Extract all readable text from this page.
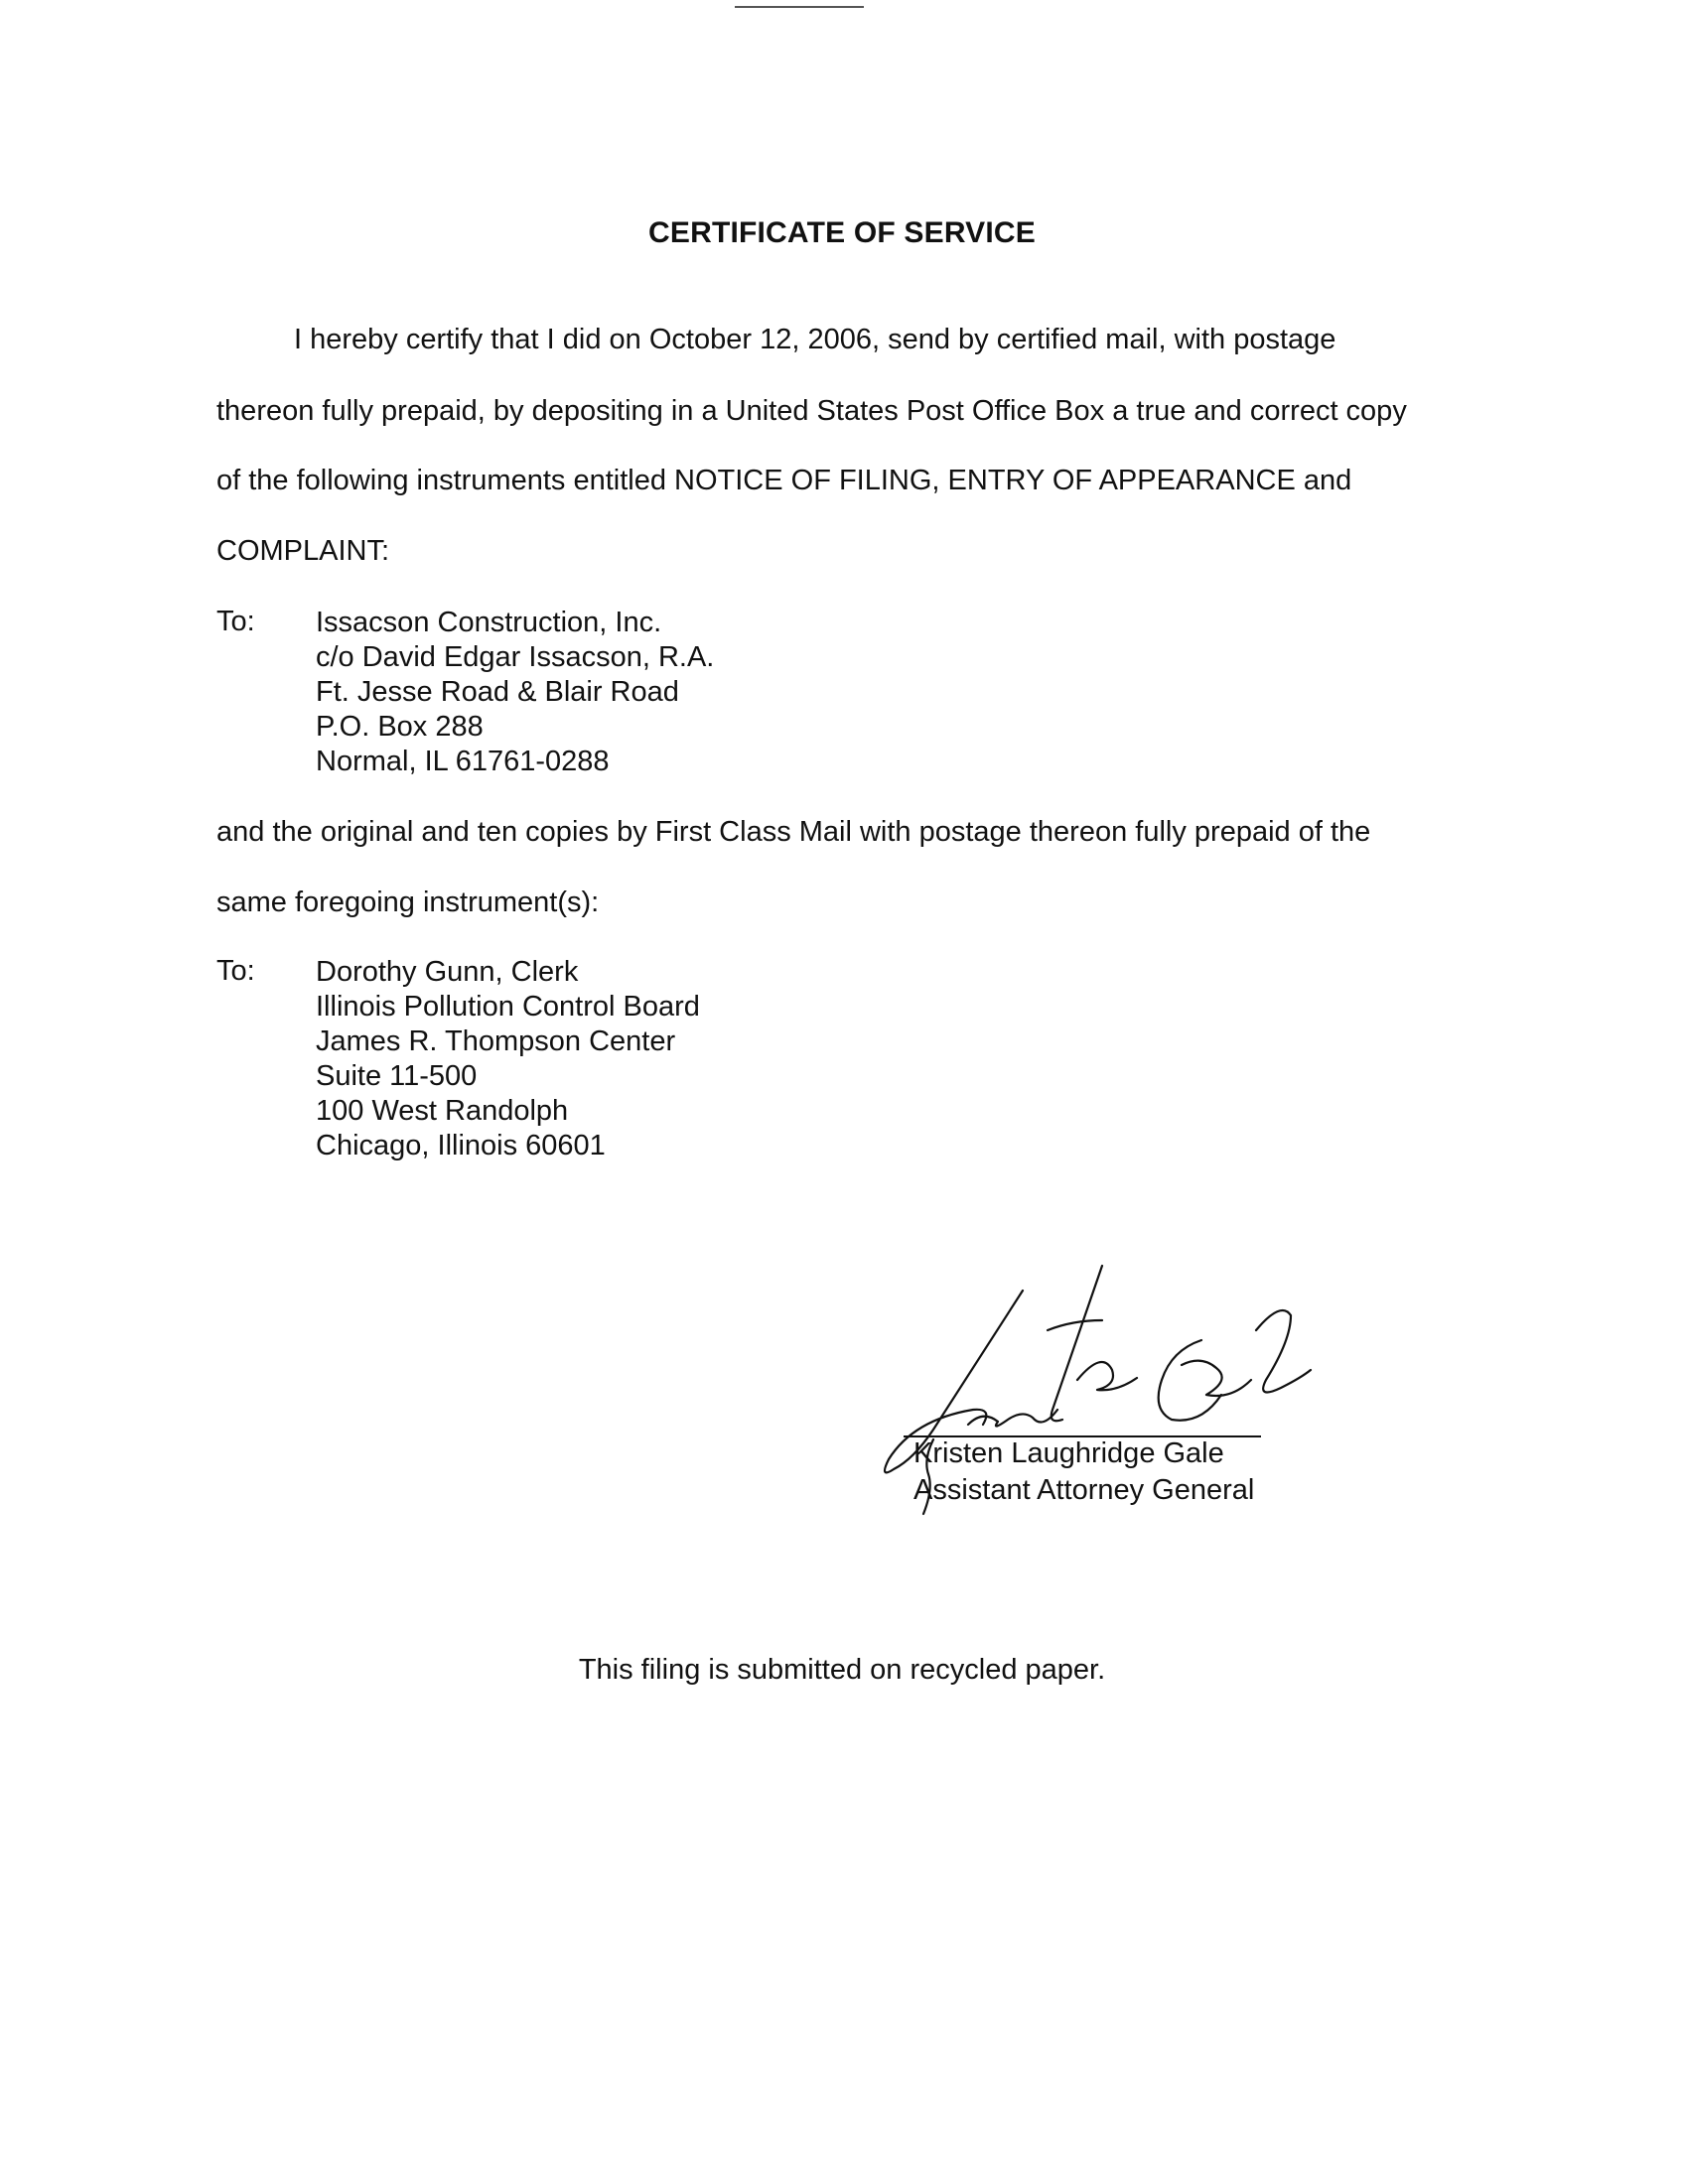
CERTIFICATE OF SERVICE
I hereby certify that I did on October 12, 2006, send by certified mail, with postage
thereon fully prepaid, by depositing in a United States Post Office Box a true and correct copy
of the following instruments entitled NOTICE OF FILING, ENTRY OF APPEARANCE and
COMPLAINT:
To: Issacson Construction, Inc.
c/o David Edgar Issacson, R.A.
Ft. Jesse Road & Blair Road
P.O. Box 288
Normal, IL 61761-0288
and the original and ten copies by First Class Mail with postage thereon fully prepaid of the
same foregoing instrument(s):
To: Dorothy Gunn, Clerk
Illinois Pollution Control Board
James R. Thompson Center
Suite 11-500
100 West Randolph
Chicago, Illinois 60601
Kristen Laughridge Gale
Assistant Attorney General
This filing is submitted on recycled paper.
